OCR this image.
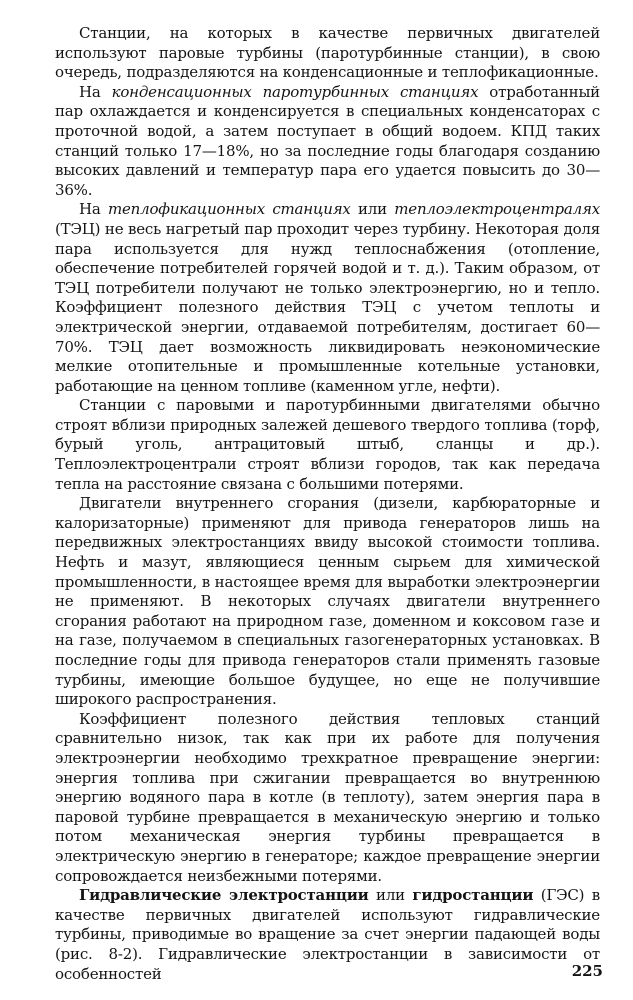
Станции, на которых в качестве первичных двигателей используют паровые турбины (паротурбинные станции), в свою очередь, подразделяются на конденсационные и теплофикационные.

На конденсационных паротурбинных станциях отработанный пар охлаждается и конденсируется в специальных конденсаторах с проточной водой, а затем поступает в общий водоем. КПД таких станций только 17—18%, но за последние годы благодаря созданию высоких давлений и температур пара его удается повысить до 30—36%.

На теплофикационных станциях или теплоэлектроцентралях (ТЭЦ) не весь нагретый пар проходит через турбину. Некоторая доля пара используется для нужд теплоснабжения (отопление, обеспечение потребителей горячей водой и т. д.). Таким образом, от ТЭЦ потребители получают не только электроэнергию, но и тепло. Коэффициент полезного действия ТЭЦ с учетом теплоты и электрической энергии, отдаваемой потребителям, достигает 60—70%. ТЭЦ дает возможность ликвидировать неэкономические мелкие отопительные и промышленные котельные установки, работающие на ценном топливе (каменном угле, нефти).

Станции с паровыми и паротурбинными двигателями обычно строят вблизи природных залежей дешевого твердого топлива (торф, бурый уголь, антрацитовый штыб, сланцы и др.). Теплоэлектроцентрали строят вблизи городов, так как передача тепла на расстояние связана с большими потерями.

Двигатели внутреннего сгорания (дизели, карбюраторные и калоризаторные) применяют для привода генераторов лишь на передвижных электростанциях ввиду высокой стоимости топлива. Нефть и мазут, являющиеся ценным сырьем для химической промышленности, в настоящее время для выработки электроэнергии не применяют. В некоторых случаях двигатели внутреннего сгорания работают на природном газе, доменном и коксовом газе и на газе, получаемом в специальных газогенераторных установках. В последние годы для привода генераторов стали применять газовые турбины, имеющие большое будущее, но еще не получившие широкого распространения.

Коэффициент полезного действия тепловых станций сравнительно низок, так как при их работе для получения электроэнергии необходимо трехкратное превращение энергии: энергия топлива при сжигании превращается во внутреннюю энергию водяного пара в котле (в теплоту), затем энергия пара в паровой турбине превращается в механическую энергию и только потом механическая энергия турбины превращается в электрическую энергию в генераторе; каждое превращение энергии сопровождается неизбежными потерями.

Гидравлические электростанции или гидростанции (ГЭС) в качестве первичных двигателей используют гидравлические турбины, приводимые во вращение за счет энергии падающей воды (рис. 8-2). Гидравлические электростанции в зависимости от особенностей	225
